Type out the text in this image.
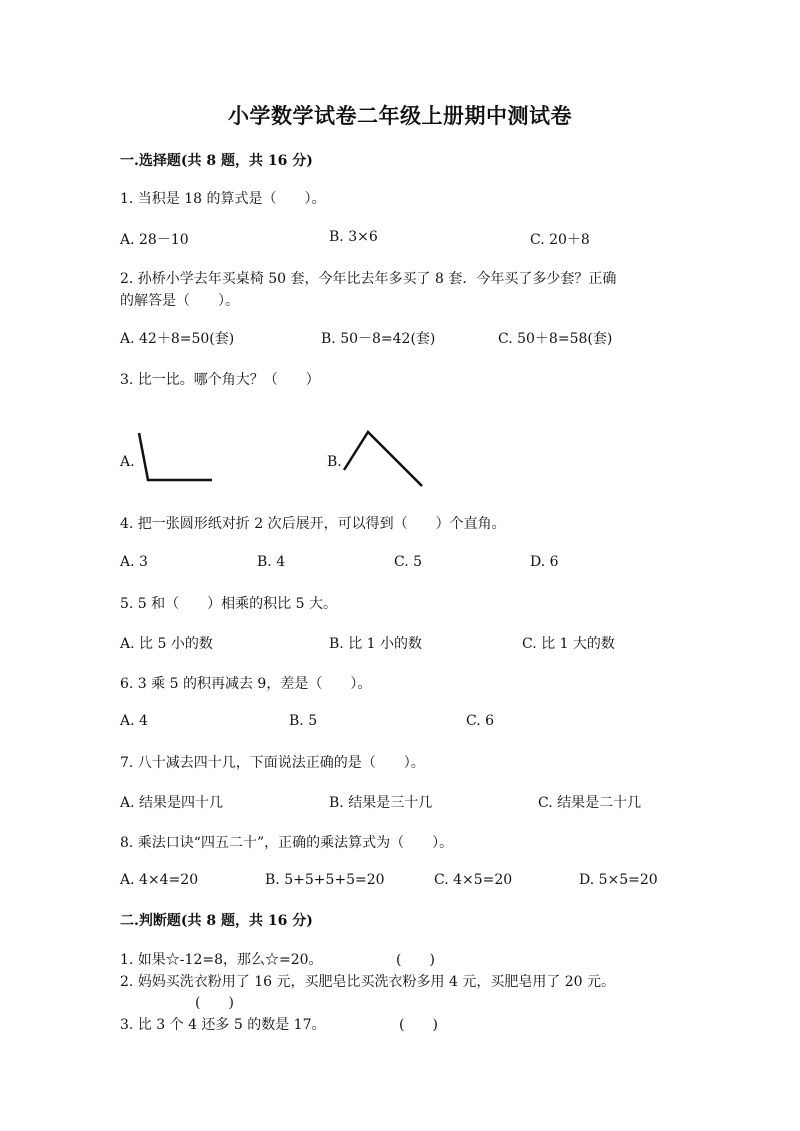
小学数学试卷二年级上册期中测试卷
一.选择题(共 8 题，共 16 分)
1. 当积是 18 的算式是（　　）。
A. 28－10	B. 3×6	C. 20＋8
2. 孙桥小学去年买桌椅 50 套，今年比去年多买了 8 套．今年买了多少套？正确
的解答是（　　）。
A. 42＋8=50(套)	B. 50－8=42(套)	C. 50＋8=58(套)
3. 比一比。哪个角大？（　　）
A.	B.
4. 把一张圆形纸对折 2 次后展开，可以得到（　　）个直角。
A. 3	B. 4	C. 5	D. 6
5. 5 和（　　）相乘的积比 5 大。
A. 比 5 小的数	B. 比 1 小的数	C. 比 1 大的数
6. 3 乘 5 的积再减去 9，差是（　　）。
A. 4	B. 5	C. 6
7. 八十减去四十几，下面说法正确的是（　　）。
A. 结果是四十几	B. 结果是三十几	C. 结果是二十几
8. 乘法口诀“四五二十”，正确的乘法算式为（　　）。
A. 4×4=20	B. 5+5+5+5=20	C. 4×5=20	D. 5×5=20
二.判断题(共 8 题，共 16 分)
1. 如果☆-12=8，那么☆=20。	(　　)
2. 妈妈买洗衣粉用了 16 元，买肥皂比买洗衣粉多用 4 元，买肥皂用了 20 元。
(　　)
3. 比 3 个 4 还多 5 的数是 17。	(　　)
